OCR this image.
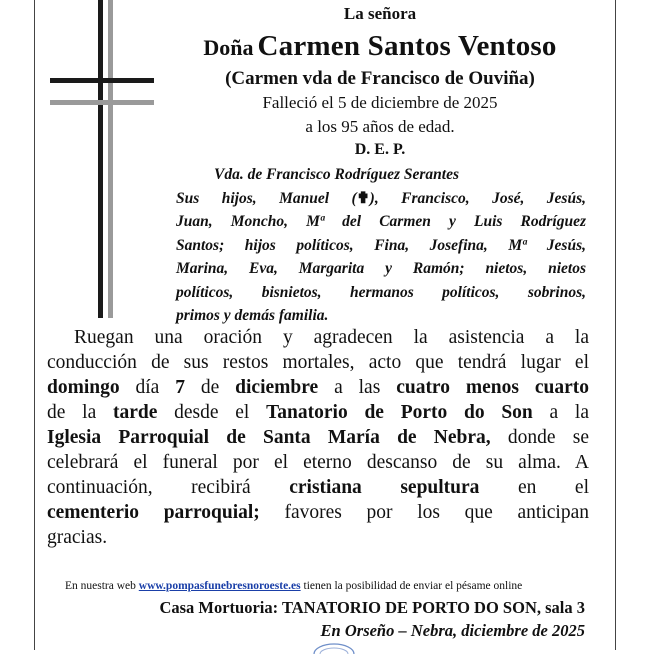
La señora
Doña Carmen Santos Ventoso
(Carmen vda de Francisco de Ouviña)
Falleció el 5 de diciembre de 2025
a los 95 años de edad.
D. E. P.
Vda. de Francisco Rodríguez Serantes
Sus hijos, Manuel (✟), Francisco, José, Jesús,
Juan, Moncho, Mª del Carmen y Luis Rodríguez
Santos; hijos políticos, Fina, Josefina, Mª Jesús,
Marina, Eva, Margarita y Ramón; nietos, nietos
políticos, bisnietos, hermanos políticos, sobrinos,
primos y demás familia.
Ruegan una oración y agradecen la asistencia a la
conducción de sus restos mortales, acto que tendrá lugar el
domingo día 7 de diciembre a las cuatro menos cuarto
de la tarde desde el Tanatorio de Porto do Son a la
Iglesia Parroquial de Santa María de Nebra, donde se
celebrará el funeral por el eterno descanso de su alma. A
continuación, recibirá cristiana sepultura en el
cementerio parroquial; favores por los que anticipan
gracias.
En nuestra web www.pompasfunebresnoroeste.es tienen la posibilidad de enviar el pésame online
Casa Mortuoria: TANATORIO DE PORTO DO SON, sala 3
En Orseño – Nebra, diciembre de 2025
